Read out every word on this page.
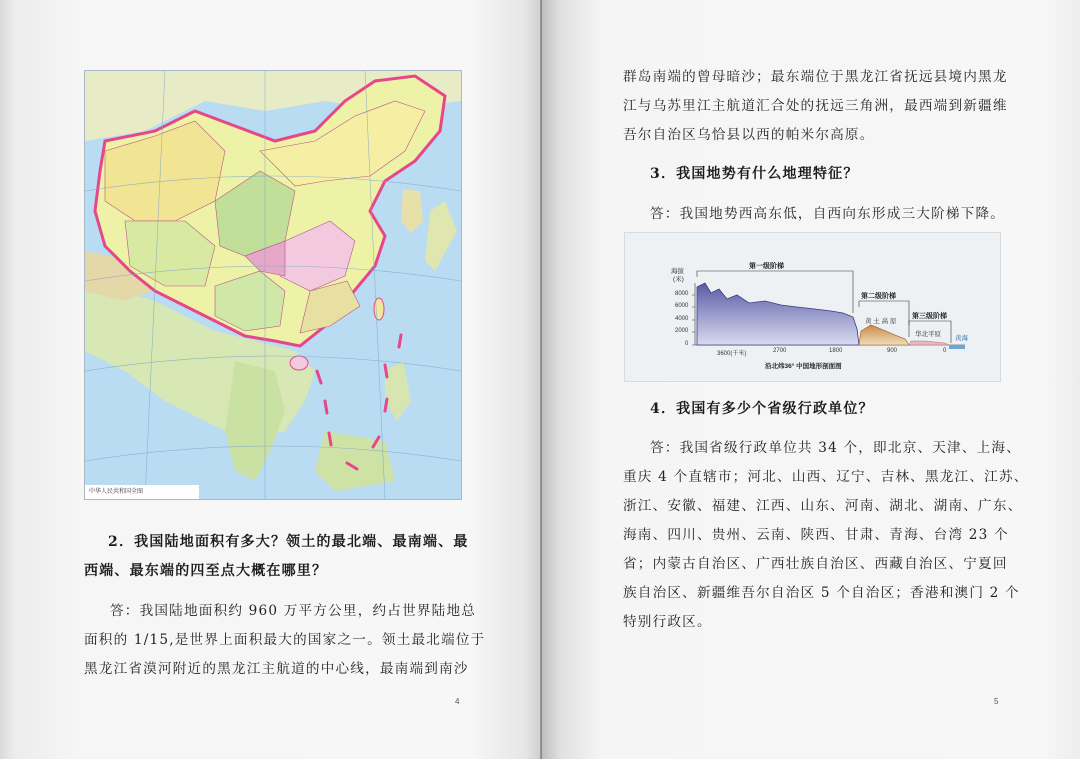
中华人民共和国全图

2．我国陆地面积有多大？领土的最北端、最南端、最

西端、最东端的四至点大概在哪里？

答：我国陆地面积约 960 万平方公里，约占世界陆地总

面积的 1/15,是世界上面积最大的国家之一。领土最北端位于

黑龙江省漠河附近的黑龙江主航道的中心线，最南端到南沙

4

群岛南端的曾母暗沙；最东端位于黑龙江省抚远县境内黑龙

江与乌苏里江主航道汇合处的抚远三角洲，最西端到新疆维

吾尔自治区乌恰县以西的帕米尔高原。

3．我国地势有什么地理特征？

答：我国地势西高东低，自西向东形成三大阶梯下降。

4．我国有多少个省级行政单位？

答：我国省级行政单位共 34 个，即北京、天津、上海、

重庆 4 个直辖市；河北、山西、辽宁、吉林、黑龙江、江苏、

浙江、安徽、福建、江西、山东、河南、湖北、湖南、广东、

海南、四川、贵州、云南、陕西、甘肃、青海、台湾 23 个

省；内蒙古自治区、广西壮族自治区、西藏自治区、宁夏回

族自治区、新疆维吾尔自治区 5 个自治区；香港和澳门 2 个

特别行政区。

5
海拔
(米)
8000
6000
4000
2000
0
第一级阶梯
第二级阶梯
第三级阶梯
青　　藏　　高　　原
黄 土 高 原
华北平原
黄海
3600(千米)	2700	1800	900	0
沿北纬36° 中国地形剖面图
